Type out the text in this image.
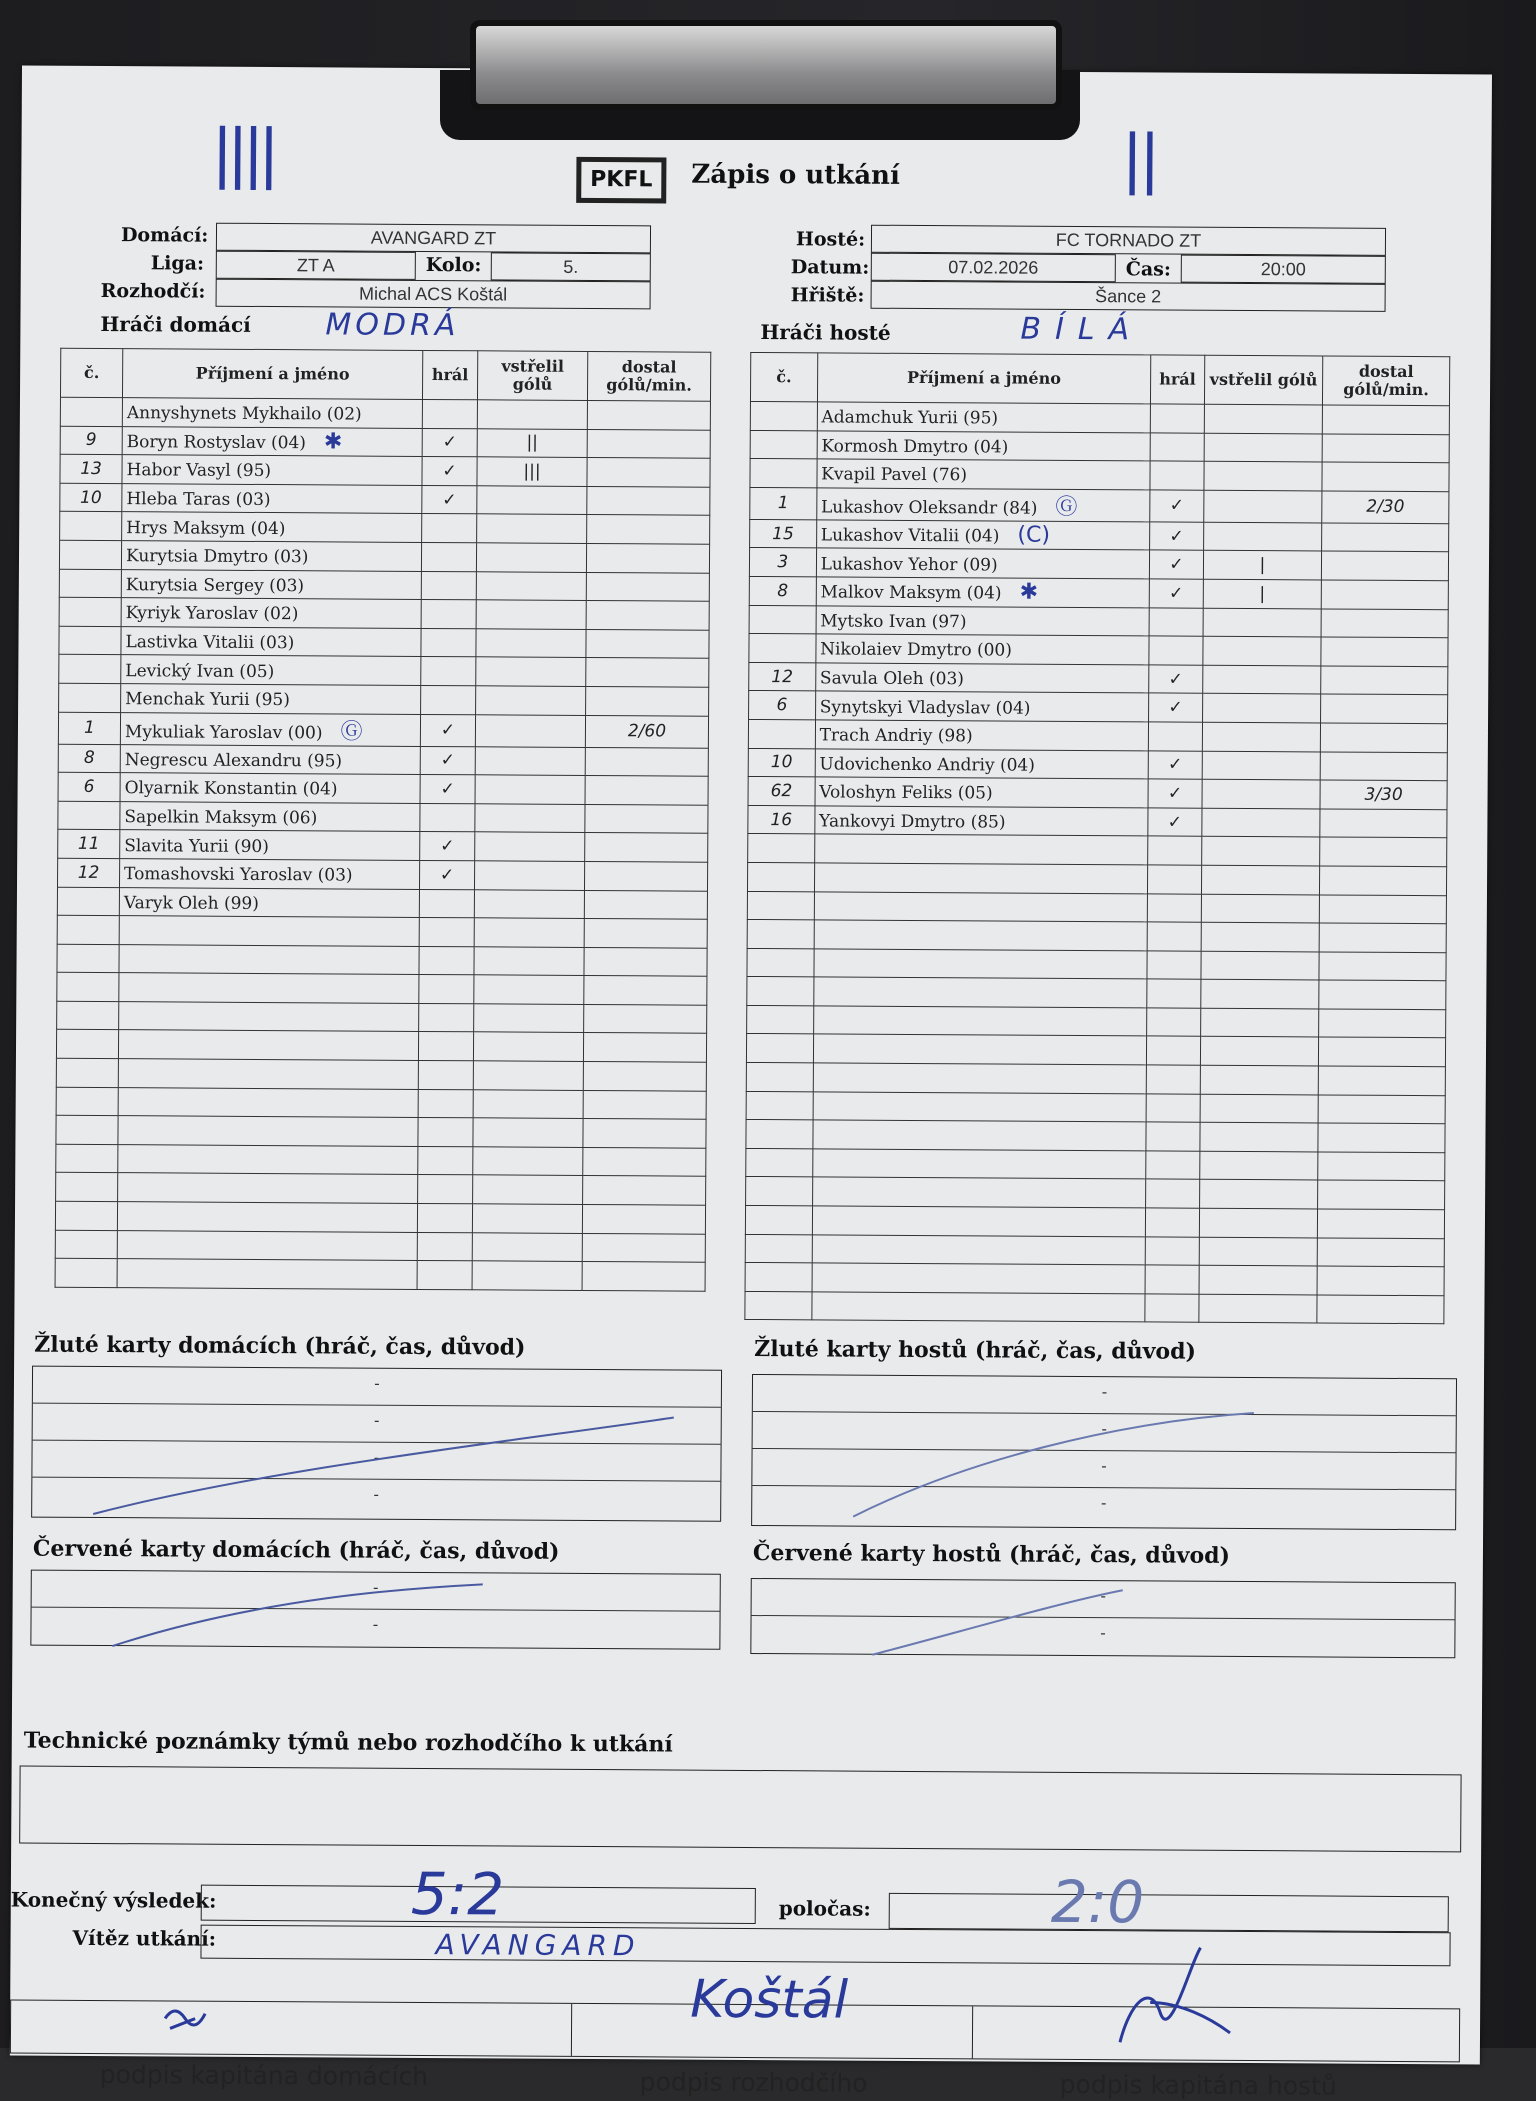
||||	||
PKFL	Zápis o utkání
Domácí:	AVANGARD ZT
Liga:	ZT A	Kolo:	5.
Rozhodčí:	Michal ACS Koštál
Hosté:	FC TORNADO ZT
Datum:	07.02.2026	Čas:	20:00
Hřiště:	Šance 2
Hráči domácí MODRÁ	Hráči hosté	BÍLÁ
č.	Příjmení a jméno	hrál	vstřelil gólů	dostal gólů/min.
	Annyshynets Mykhailo (02)			
9	Boryn Rostyslav (04) ✱	✓	||	
13	Habor Vasyl (95)	✓	|||	
10	Hleba Taras (03)	✓		
	Hrys Maksym (04)			
	Kurytsia Dmytro (03)			
	Kurytsia Sergey (03)			
	Kyriyk Yaroslav (02)			
	Lastivka Vitalii (03)			
	Levický Ivan (05)			
	Menchak Yurii (95)			
1	Mykuliak Yaroslav (00) Ⓖ	✓		2/60
8	Negrescu Alexandru (95)	✓		
6	Olyarnik Konstantin (04)	✓		
	Sapelkin Maksym (06)			
11	Slavita Yurii (90)	✓		
12	Tomashovski Yaroslav (03)	✓		
	Varyk Oleh (99)			

č.	Příjmení a jméno	hrál	vstřelil gólů	dostal gólů/min.
	Adamchuk Yurii (95)			
	Kormosh Dmytro (04)			
	Kvapil Pavel (76)			
1	Lukashov Oleksandr (84) Ⓖ	✓		2/30
15	Lukashov Vitalii (04) (C)	✓		
3	Lukashov Yehor (09)	✓	|	
8	Malkov Maksym (04) ✱	✓	|	
	Mytsko Ivan (97)			
	Nikolaiev Dmytro (00)			
12	Savula Oleh (03)	✓		
6	Synytskyi Vladyslav (04)	✓		
	Trach Andriy (98)			
10	Udovichenko Andriy (04)	✓		
62	Voloshyn Feliks (05)	✓		3/30
16	Yankovyi Dmytro (85)	✓		

Žluté karty domácích (hráč, čas, důvod)
-
-
-
-
Žluté karty hostů (hráč, čas, důvod)
-
-
-
-
Červené karty domácích (hráč, čas, důvod)
-
-
Červené karty hostů (hráč, čas, důvod)
-
-
Technické poznámky týmů nebo rozhodčího k utkání
Konečný výsledek:	5:2	poločas:	2:0
Vítěz utkání:	AVANGARD
Koštál
podpis kapitána domácích	podpis rozhodčího	podpis kapitána hostů
